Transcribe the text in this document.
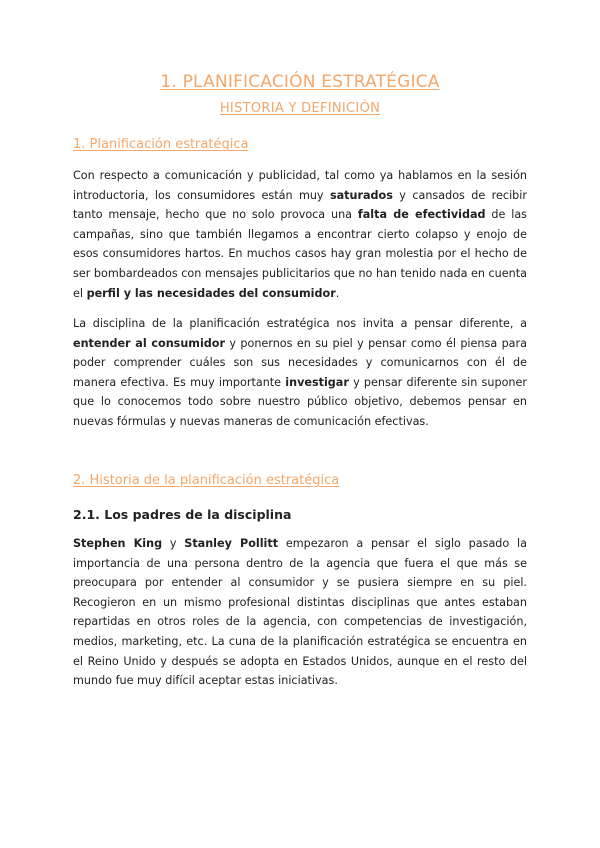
1. PLANIFICACIÓN ESTRATÉGICA
HISTORIA Y DEFINICIÓN
1. Planificación estratégica

Con respecto a comunicación y publicidad, tal como ya hablamos en la sesión introductoria, los consumidores están muy saturados y cansados de recibir tanto mensaje, hecho que no solo provoca una falta de efectividad de las campañas, sino que también llegamos a encontrar cierto colapso y enojo de esos consumidores hartos. En muchos casos hay gran molestia por el hecho de ser bombardeados con mensajes publicitarios que no han tenido nada en cuenta el perfil y las necesidades del consumidor.

La disciplina de la planificación estratégica nos invita a pensar diferente, a entender al consumidor y ponernos en su piel y pensar como él piensa para poder comprender cuáles son sus necesidades y comunicarnos con él de manera efectiva. Es muy importante investigar y pensar diferente sin suponer que lo conocemos todo sobre nuestro público objetivo, debemos pensar en nuevas fórmulas y nuevas maneras de comunicación efectivas.

2. Historia de la planificación estratégica
2.1. Los padres de la disciplina

Stephen King y Stanley Pollitt empezaron a pensar el siglo pasado la importancia de una persona dentro de la agencia que fuera el que más se preocupara por entender al consumidor y se pusiera siempre en su piel. Recogieron en un mismo profesional distintas disciplinas que antes estaban repartidas en otros roles de la agencia, con competencias de investigación, medios, marketing, etc. La cuna de la planificación estratégica se encuentra en el Reino Unido y después se adopta en Estados Unidos, aunque en el resto del mundo fue muy difícil aceptar estas iniciativas.
